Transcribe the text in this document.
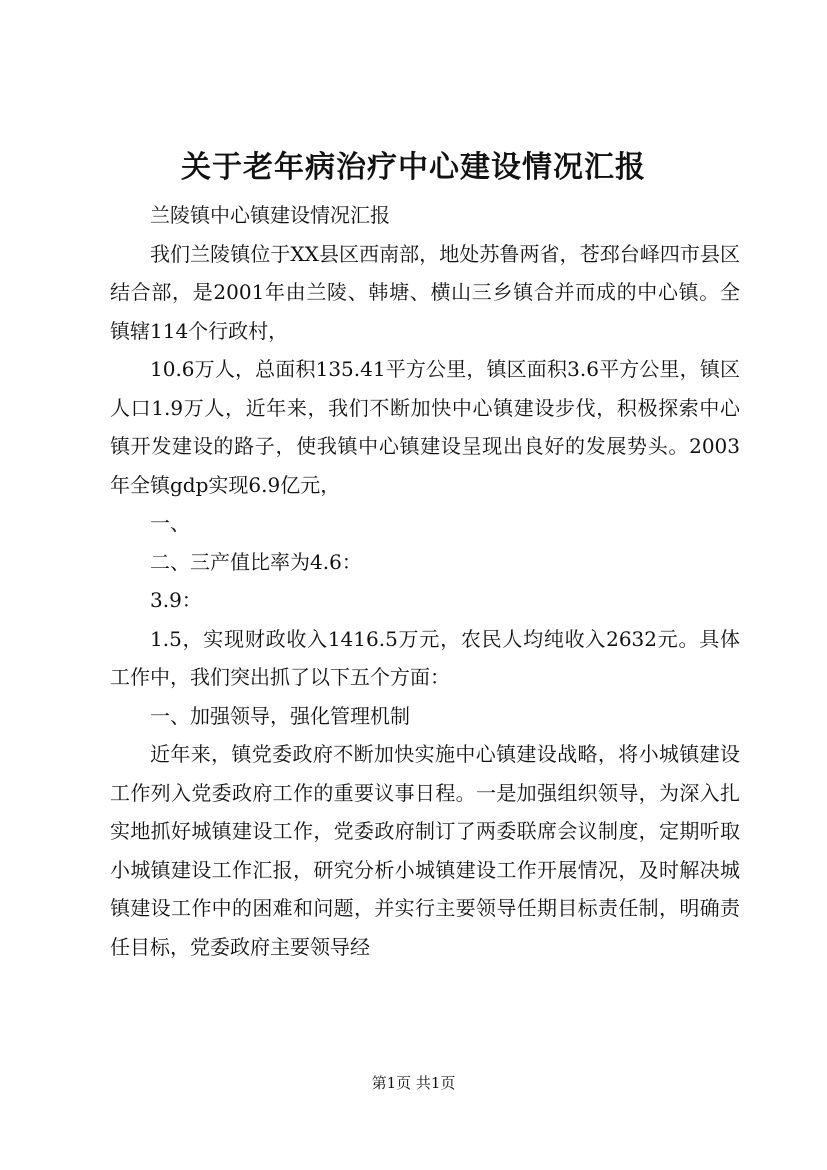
关于老年病治疗中心建设情况汇报

兰陵镇中心镇建设情况汇报

我们兰陵镇位于XX县区西南部，地处苏鲁两省，苍邳台峄四市县区结合部，是2001年由兰陵、韩塘、横山三乡镇合并而成的中心镇。全镇辖114个行政村，

10.6万人，总面积135.41平方公里，镇区面积3.6平方公里，镇区人口1.9万人，近年来，我们不断加快中心镇建设步伐，积极探索中心镇开发建设的路子，使我镇中心镇建设呈现出良好的发展势头。2003年全镇gdp实现6.9亿元，

一、

二、三产值比率为4.6：

3.9：

1.5，实现财政收入1416.5万元，农民人均纯收入2632元。具体工作中，我们突出抓了以下五个方面：

一、加强领导，强化管理机制

近年来，镇党委政府不断加快实施中心镇建设战略，将小城镇建设工作列入党委政府工作的重要议事日程。一是加强组织领导，为深入扎实地抓好城镇建设工作，党委政府制订了两委联席会议制度，定期听取小城镇建设工作汇报，研究分析小城镇建设工作开展情况，及时解决城镇建设工作中的困难和问题，并实行主要领导任期目标责任制，明确责任目标，党委政府主要领导经

第1页 共1页
